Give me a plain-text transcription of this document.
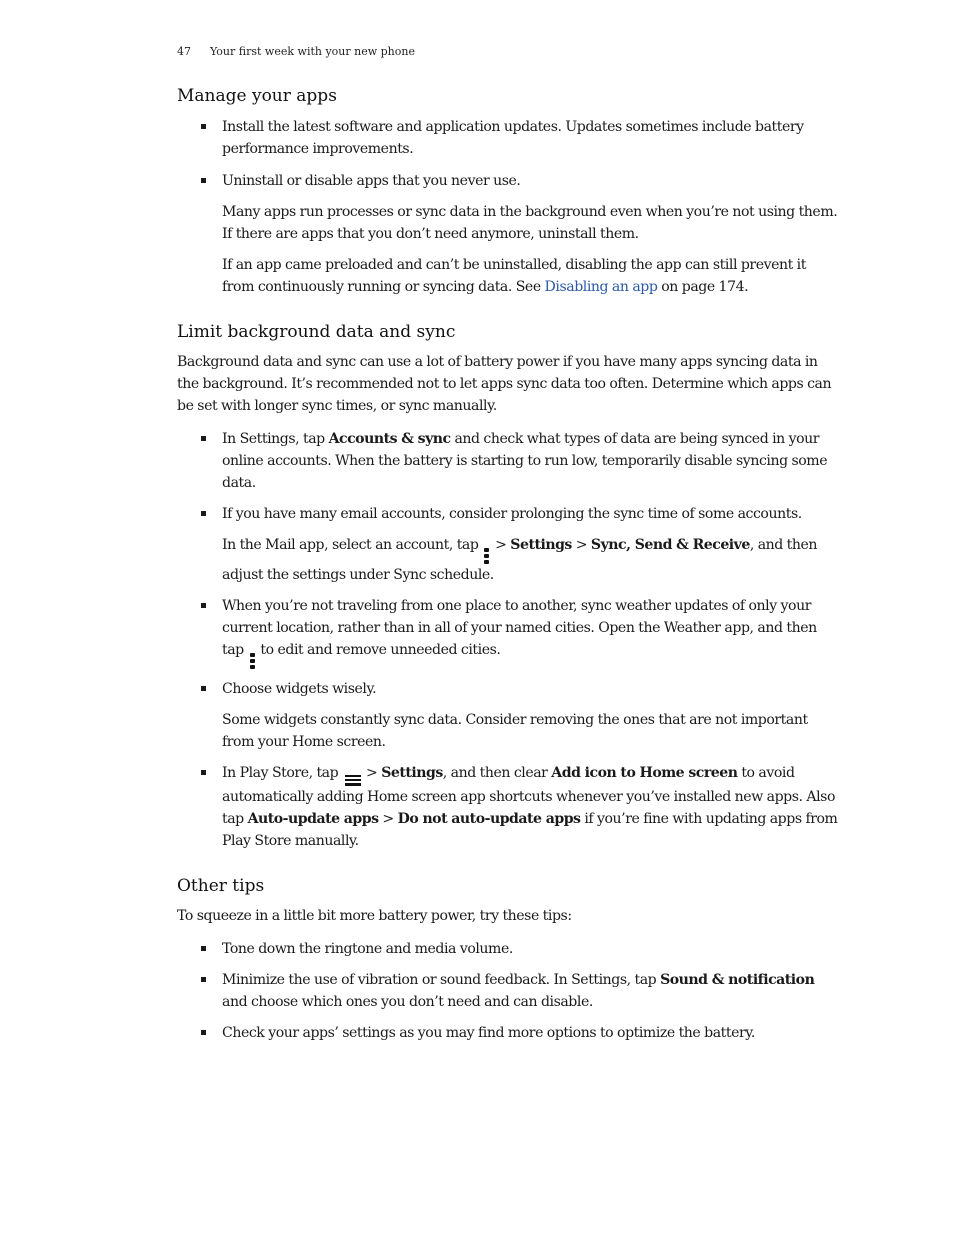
47 Your first week with your new phone
Manage your apps

Install the latest software and application updates. Updates sometimes include battery performance improvements.

Uninstall or disable apps that you never use.

Many apps run processes or sync data in the background even when you’re not using them. If there are apps that you don’t need anymore, uninstall them.

If an app came preloaded and can’t be uninstalled, disabling the app can still prevent it from continuously running or syncing data. See Disabling an app on page 174.

Limit background data and sync

Background data and sync can use a lot of battery power if you have many apps syncing data in the background. It’s recommended not to let apps sync data too often. Determine which apps can be set with longer sync times, or sync manually.

In Settings, tap Accounts & sync and check what types of data are being synced in your online accounts. When the battery is starting to run low, temporarily disable syncing some data.

If you have many email accounts, consider prolonging the sync time of some accounts.

In the Mail app, select an account, tap
> Settings > Sync, Send & Receive, and then adjust the settings under Sync schedule.

When you’re not traveling from one place to another, sync weather updates of only your current location, rather than in all of your named cities. Open the Weather app, and then tap
to edit and remove unneeded cities.

Choose widgets wisely.

Some widgets constantly sync data. Consider removing the ones that are not important from your Home screen.

In Play Store, tap
> Settings, and then clear Add icon to Home screen to avoid automatically adding Home screen app shortcuts whenever you’ve installed new apps. Also tap Auto-update apps > Do not auto-update apps if you’re fine with updating apps from Play Store manually.

Other tips

To squeeze in a little bit more battery power, try these tips:

Tone down the ringtone and media volume.

Minimize the use of vibration or sound feedback. In Settings, tap Sound & notification and choose which ones you don’t need and can disable.

Check your apps’ settings as you may find more options to optimize the battery.
